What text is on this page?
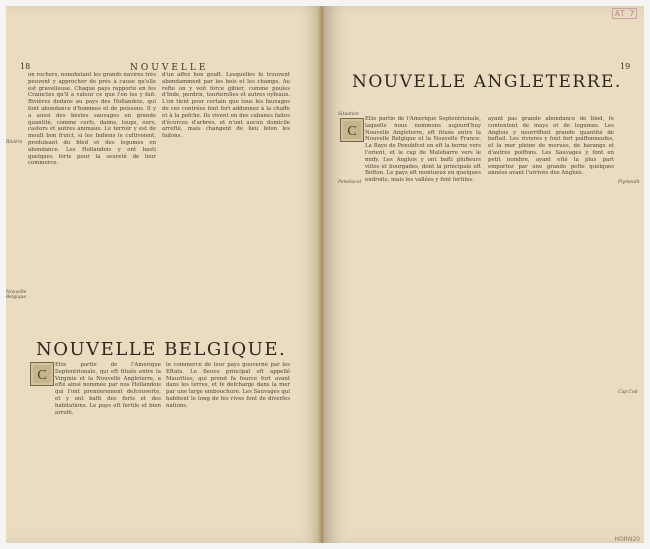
18	NOUVELLE	19
on rochers, nonobstant les grands navires trés peuvent y approcher de prés à cause qu'elle est gravelleuse. Chaque pays rapporte en fes Crainctes qu'il a valeur ce que l'on les y fait. Rivières dedans au pays des Hollandois, qui font abondance d'hommes et de poissons. Il y a aussi des bestes sauvages en grande quantité, comme cerfs, daims, loups, ours, castors et autres animaux. Le terroir y est de moult bon fruict, si les Indiens le cultivoient, produisant du bled et des legumes en abondance. Les Hollandois y ont basti quelques forts pour la seureté de leur commerce.
d'un affez bon gouft. Lesquelles fe trouvent abondamment par les bois et les champs. Au refte on y voit force gibier, comme poules d'Inde, perdrix, tourterelles et autres oyfeaux. L'on tient pour certain que tous les fauvages de ces contrées font fort addonnez à la chaffe et à la pefche. Ils vivent en des cabanes faites d'écorces d'arbres, et n'ont aucun domicile arrefté, mais changent de lieu felon les faifons.
NOUVELLE BELGIQUE.
C
Ette partie de l'Amerique Septentrionale, qui eft fituée entre la Virginie et la Nouvelle Angleterre, a efté ainsi nommée par nos Hollandois qui l'ont premierement defcouverte, et y ont bafti des forts et des habitations. Le pays eft fertile et bien arrofé.
le commerce de leur pays gouverné par les Eftats. Le fleuve principal eft appellé Mauritius, qui prend fa fource fort avant dans les terres, et fe defcharge dans la mer par une large embouchure. Les Sauvages qui habitent le long de fes rives font de diverfes nations.
NOUVELLE ANGLETERRE.
C
Ette partie de l'Amerique Septentrionale, laquelle nous nommons aujourd'huy Nouvelle Angleterre, eft fituée entre la Nouvelle Belgique et la Nouvelle France. La Baye de Penobfcot en eft la borne vers l'orient, et le cap de Malebarre vers le midy. Les Anglois y ont bafti plufieurs villes et bourgades, dont la principale eft Bofton. Le pays eft montueux en quelques endroits, mais les vallées y font fertiles.
ayant pas grande abondance de bled, fe contentent de mays et de legumes. Les Anglois y nourriffent grande quantité de beftail. Les rivieres y font fort poiffonneufes, et la mer pleine de morues, de harangs et d'autres poiffons. Les Sauvages y font en petit nombre, ayant efté la plus part emportez par une grande pefte quelques années avant l'arrivée des Anglois.
Rivière
Nouvelle Belgique
Situation
Penobscot	Plymouth
Cap Cod
AT 7
HORN20
